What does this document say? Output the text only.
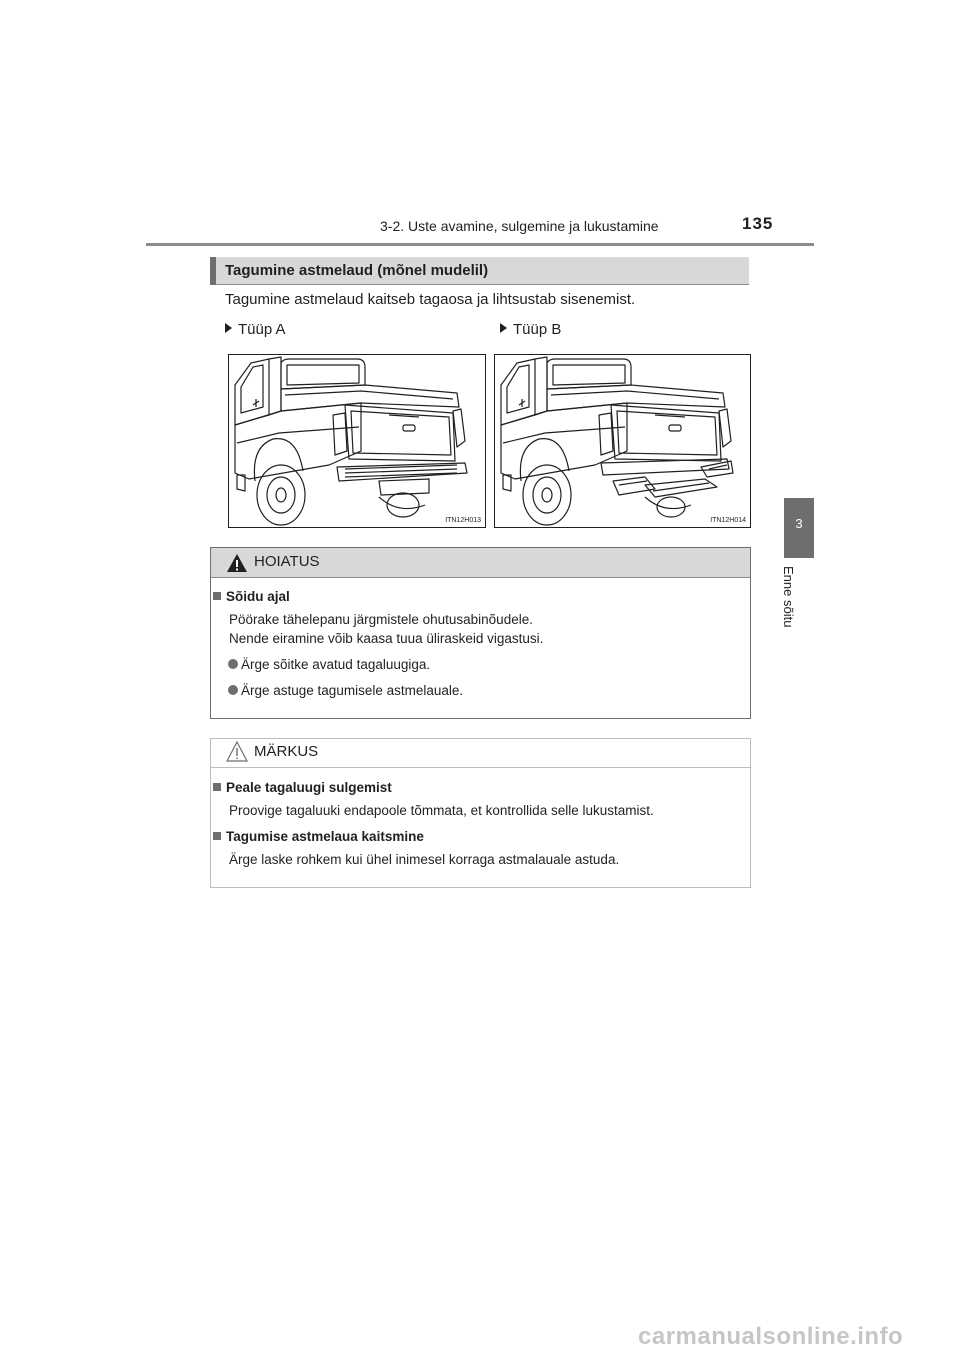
3-2. Uste avamine, sulgemine ja lukustamine	135
3
Enne sõitu
Tagumine astmelaud (mõnel mudelil)
Tagumine astmelaud kaitseb tagaosa ja lihtsustab sisenemist.
Tüüp A	Tüüp B
ITN12H013	ITN12H014
HOIATUS
Sõidu ajal
Pöörake tähelepanu järgmistele ohutusabinõudele.
Nende eiramine võib kaasa tuua üliraskeid vigastusi.
Ärge sõitke avatud tagaluugiga.
Ärge astuge tagumisele astmelauale.
MÄRKUS
Peale tagaluugi sulgemist
Proovige tagaluuki endapoole tõmmata, et kontrollida selle lukustamist.
Tagumise astmelaua kaitsmine
Ärge laske rohkem kui ühel inimesel korraga astmalauale astuda.
carmanualsonline.info
